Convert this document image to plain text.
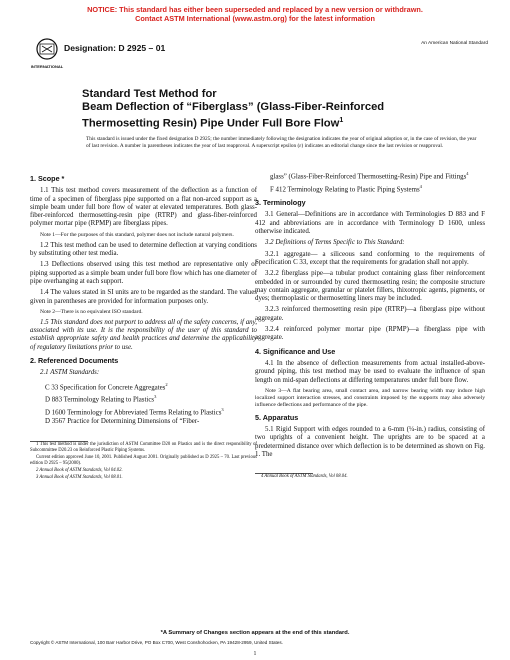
NOTICE: This standard has either been superseded and replaced by a new version or withdrawn.
Contact ASTM International (www.astm.org) for the latest information
INTERNATIONAL
Designation: D 2925 – 01	An American National Standard
Standard Test Method for
Beam Deflection of “Fiberglass” (Glass-Fiber-Reinforced
Thermosetting Resin) Pipe Under Full Bore Flow$^1$
This standard is issued under the fixed designation D 2925; the number immediately following the designation indicates the year of original adoption or, in the case of revision, the year of last revision. A number in parentheses indicates the year of last reapproval. A superscript epsilon (ε) indicates an editorial change since the last revision or reapproval.
1. Scope *

1.1 This test method covers measurement of the deflection as a function of time of a specimen of fiberglass pipe supported on a flat non-arced support as a simple beam under full bore flow of water at elevated temperatures. Both glass-fiber-reinforced thermosetting-resin pipe (RTRP) and glass-fiber-reinforced polymer mortar pipe (RPMP) are fiberglass pipes.

Note 1—For the purposes of this standard, polymer does not include natural polymers.

1.2 This test method can be used to determine deflection at varying conditions by substituting other test media.

1.3 Deflections observed using this test method are representative only of piping supported as a simple beam under full bore flow which has one diameter of pipe overhanging at each support.

1.4 The values stated in SI units are to be regarded as the standard. The values given in parentheses are provided for information purposes only.

Note 2—There is no equivalent ISO standard.

1.5 This standard does not purport to address all of the safety concerns, if any, associated with its use. It is the responsibility of the user of this standard to establish appropriate safety and health practices and determine the applicability of regulatory limitations prior to use.

2. Referenced Documents

2.1 ASTM Standards:

C 33 Specification for Concrete Aggregates$^2$

D 883 Terminology Relating to Plastics$^3$

D 1600 Terminology for Abbreviated Terms Relating to Plastics$^3$

D 3567 Practice for Determining Dimensions of “Fiber-

1 This test method is under the jurisdiction of ASTM Committee D20 on Plastics and is the direct responsibility of Subcommittee D20.23 on Reinforced Plastic Piping Systems.

Current edition approved June 10, 2001. Published August 2001. Originally published as D 2925 – 70. Last previous edition D 2925 – 95(2000).

2 Annual Book of ASTM Standards, Vol 04.02.

3 Annual Book of ASTM Standards, Vol 08.01.

glass” (Glass-Fiber-Reinforced Thermosetting-Resin) Pipe and Fittings$^4$

F 412 Terminology Relating to Plastic Piping Systems$^4$

3. Terminology

3.1 General—Definitions are in accordance with Terminologies D 883 and F 412 and abbreviations are in accordance with Terminology D 1600, unless otherwise indicated.

3.2 Definitions of Terms Specific to This Standard:

3.2.1 aggregate— a siliceous sand conforming to the requirements of Specification C 33, except that the requirements for gradation shall not apply.

3.2.2 fiberglass pipe—a tubular product containing glass fiber reinforcement embedded in or surrounded by cured thermosetting resin; the composite structure may contain aggregate, granular or platelet fillers, thixotropic agents, pigments, or dyes; thermoplastic or thermosetting liners may be included.

3.2.3 reinforced thermosetting resin pipe (RTRP)—a fiberglass pipe without aggregate.

3.2.4 reinforced polymer mortar pipe (RPMP)—a fiberglass pipe with aggregate.

4. Significance and Use

4.1 In the absence of deflection measurements from actual installed-above-ground piping, this test method may be used to evaluate the influence of span length on mid-span deflections at differing temperatures under full bore flow.

Note 3—A flat bearing area, small contact area, and narrow bearing width may induce high localized support interaction stresses, and constraints imposed by the supports may also adversely influence deflections and performance of the pipe.

5. Apparatus

5.1 Rigid Support with edges rounded to a 6-mm (¼-in.) radius, consisting of two uprights of a convenient height. The uprights are to be spaced at a predetermined distance over which deflection is to be determined as shown on Fig. 1. The

4 Annual Book of ASTM Standards, Vol 08.04.

*A Summary of Changes section appears at the end of this standard.
Copyright © ASTM International, 100 Barr Harbor Drive, PO Box C700, West Conshohocken, PA 19428-2959, United States.
1
